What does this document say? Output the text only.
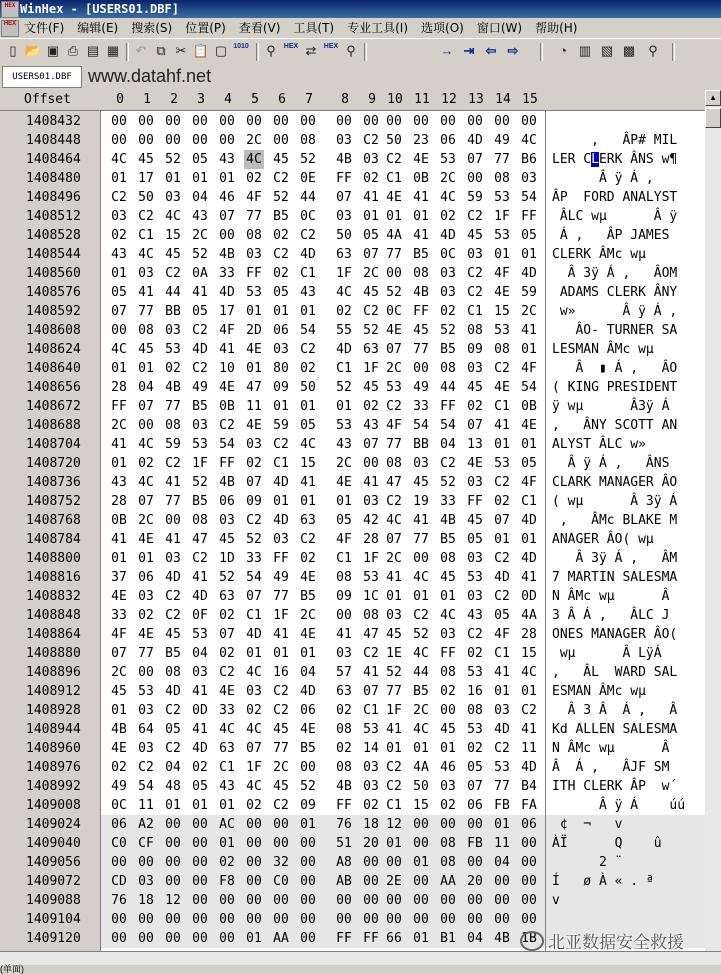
HEX WinHex - [USERS01.DBF]
HEX 文件(F) 编辑(E) 搜索(S) 位置(P) 查看(V) 工具(T) 专业工具(I) 选项(O) 窗口(W) 帮助(H)
▯ 📂 ▣ ⎙ ▤ ▦ ↶ ⧉ ✂ 📋 ▢ 1010	⚲	HEX ⇄	HEX ⚲	→ ⇥ ⇦ ⇨	◔ ▥ ▧ ▩	⚲
USERS01.DBF www.datahf.net
Offset	0	1	2	3	4	5	6	7	8	9 10 11 12 13 14 15
1408432
1408448
1408464
1408480
1408496
1408512
1408528
1408544
1408560
1408576
1408592
1408608
1408624
1408640
1408656
1408672
1408688
1408704
1408720
1408736
1408752
1408768
1408784
1408800
1408816
1408832
1408848
1408864
1408880
1408896
1408912
1408928
1408944
1408960
1408976
1408992
1409008
1409024
1409040
1409056
1409072
1409088
1409104
1409120
00 00 00 00 00 00 00 00 00 00 00 00 00 00 00 00
00 00 00 00 00 2C 00 08 03 C2 50 23 06 4D 49 4C
4C 45 52 05 43 4C 45 52 4B 03 C2 4E 53 07 77 B6
01 17 01 01 01 02 C2 0E FF 02 C1 0B 2C 00 08 03
C2 50 03 04 46 4F 52 44 07 41 4E 41 4C 59 53 54
03 C2 4C 43 07 77 B5 0C 03 01 01 01 02 C2 1F FF
02 C1 15 2C 00 08 02 C2 50 05 4A 41 4D 45 53 05
43 4C 45 52 4B 03 C2 4D 63 07 77 B5 0C 03 01 01
01 03 C2 0A 33 FF 02 C1 1F 2C 00 08 03 C2 4F 4D
05 41 44 41 4D 53 05 43 4C 45 52 4B 03 C2 4E 59
07 77 BB 05 17 01 01 01 02 C2 0C FF 02 C1 15 2C
00 08 03 C2 4F 2D 06 54 55 52 4E 45 52 08 53 41
4C 45 53 4D 41 4E 03 C2 4D 63 07 77 B5 09 08 01
01 01 02 C2 10 01 80 02 C1 1F 2C 00 08 03 C2 4F
28 04 4B 49 4E 47 09 50 52 45 53 49 44 45 4E 54
FF 07 77 B5 0B 11 01 01 01 02 C2 33 FF 02 C1 0B
2C 00 08 03 C2 4E 59 05 53 43 4F 54 54 07 41 4E
41 4C 59 53 54 03 C2 4C 43 07 77 BB 04 13 01 01
01 02 C2 1F FF 02 C1 15 2C 00 08 03 C2 4E 53 05
43 4C 41 52 4B 07 4D 41 4E 41 47 45 52 03 C2 4F
28 07 77 B5 06 09 01 01 01 03 C2 19 33 FF 02 C1
0B 2C 00 08 03 C2 4D 63 05 42 4C 41 4B 45 07 4D
41 4E 41 47 45 52 03 C2 4F 28 07 77 B5 05 01 01
01 01 03 C2 1D 33 FF 02 C1 1F 2C 00 08 03 C2 4D
37 06 4D 41 52 54 49 4E 08 53 41 4C 45 53 4D 41
4E 03 C2 4D 63 07 77 B5 09 1C 01 01 01 03 C2 0D
33 02 C2 0F 02 C1 1F 2C 00 08 03 C2 4C 43 05 4A
4F 4E 45 53 07 4D 41 4E 41 47 45 52 03 C2 4F 28
07 77 B5 04 02 01 01 01 03 C2 1E 4C FF 02 C1 15
2C 00 08 03 C2 4C 16 04 57 41 52 44 08 53 41 4C
45 53 4D 41 4E 03 C2 4D 63 07 77 B5 02 16 01 01
01 03 C2 0D 33 02 C2 06 02 C1 1F 2C 00 08 03 C2
4B 64 05 41 4C 4C 45 4E 08 53 41 4C 45 53 4D 41
4E 03 C2 4D 63 07 77 B5 02 14 01 01 01 02 C2 11
02 C2 04 02 C1 1F 2C 00 08 03 C2 4A 46 05 53 4D
49 54 48 05 43 4C 45 52 4B 03 C2 50 03 07 77 B4
0C 11 01 01 01 02 C2 09 FF 02 C1 15 02 06 FB FA
06 A2 00 00 AC 00 00 01 76 18 12 00 00 00 01 06
C0 CF 00 00 01 00 00 00 51 20 01 00 08 FB 11 00
00 00 00 00 02 00 32 00 A8 00 00 01 08 00 04 00
CD 03 00 00 F8 00 C0 00 AB 00 2E 00 AA 20 00 00
76 18 12 00 00 00 00 00 00 00 00 00 00 00 00 00
00 00 00 00 00 00 00 00 00 00 00 00 00 00 00 00
00 00 00 00 00 01 AA 00 FF FF 66 01 B1 04 4B 1B
,   ÂP# MIL
LER CLERK ÂNS w¶
Â ÿ Á ,
ÂP  FORD ANALYST
ÂLC wµ      Â ÿ
Á ,   ÂP JAMES
CLERK ÂMc wµ
Â 3ÿ Á ,   ÂOM
ADAMS CLERK ÂNY
w»      Â ÿ Á ,
ÂO- TURNER SA
LESMAN ÂMc wµ
Â  ▮ Á ,   ÂO
( KING PRESIDENT
ÿ wµ      Â3ÿ Á
,   ÂNY SCOTT AN
ALYST ÂLC w»
Â ÿ Á ,   ÂNS
CLARK MANAGER ÂO
( wµ      Â 3ÿ Á
,   ÂMc BLAKE M
ANAGER ÂO( wµ
Â 3ÿ Á ,   ÂM
7 MARTIN SALESMA
N ÂMc wµ      Â
3 Â Á ,   ÂLC J
ONES MANAGER ÂO(
wµ      Â LÿÁ
,   ÂL  WARD SAL
ESMAN ÂMc wµ
Â 3 Â  Á ,   Â
Kd ALLEN SALESMA
N ÂMc wµ      Â
Â  Á ,   ÂJF SM
ITH CLERK ÂP  w´
Â ÿ Á    úú
¢  ¬   v
ÀÏ      Q    û
2 ¨
Í   ø À « . ª
v
▲
(单面)
北亚数据安全救援
